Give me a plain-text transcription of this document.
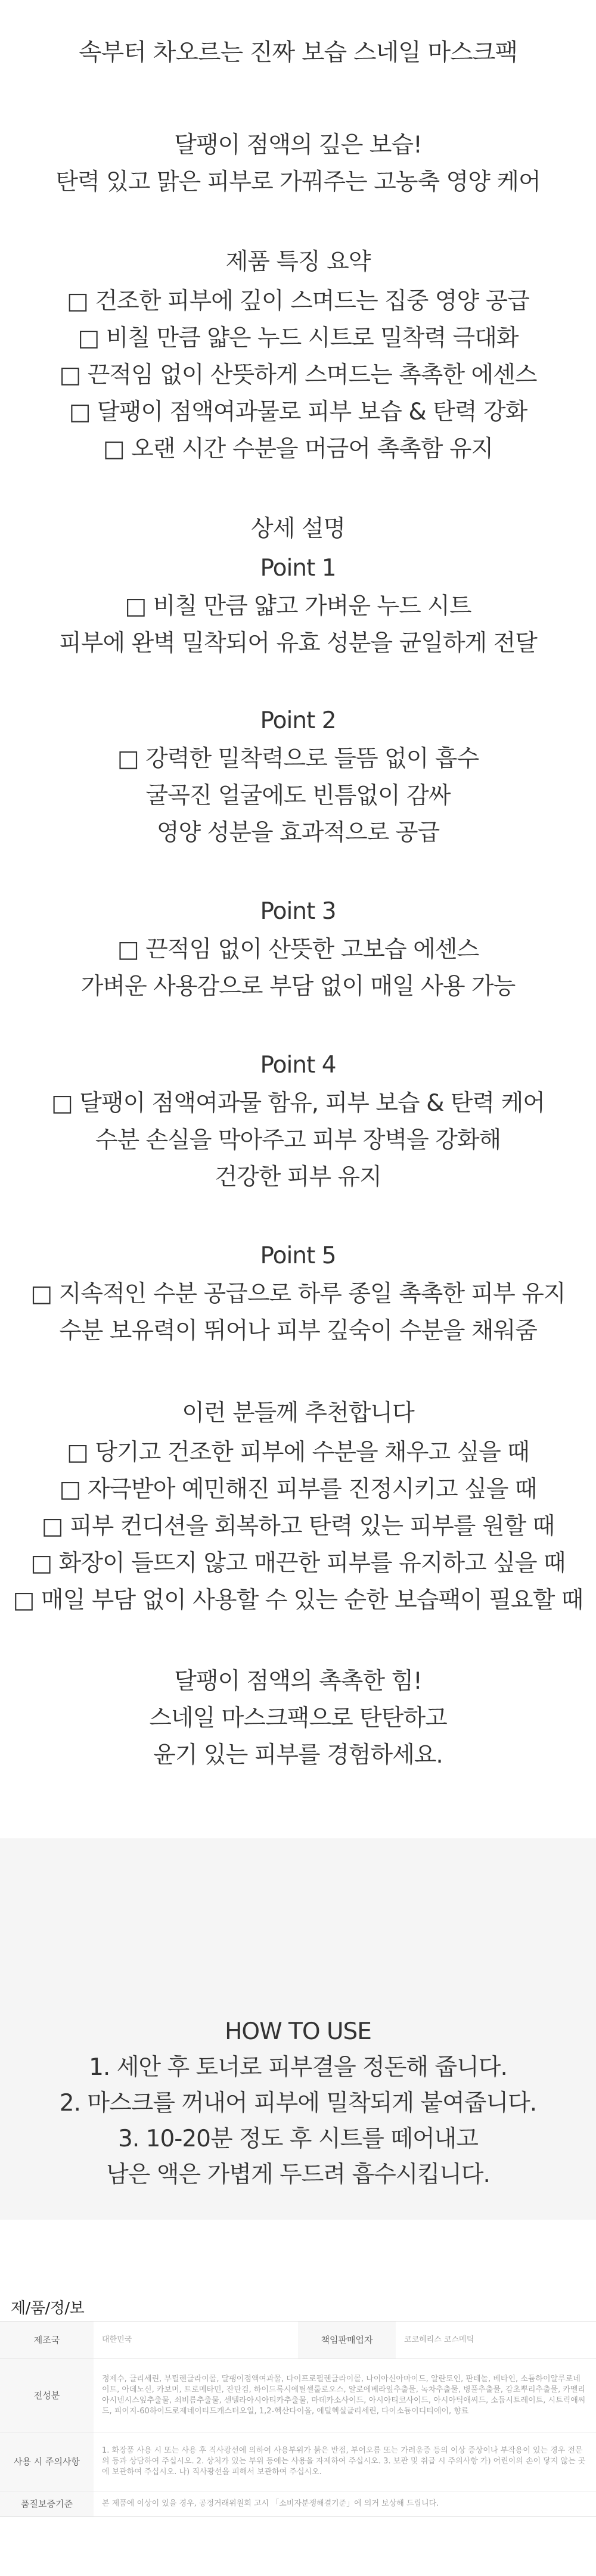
속부터 차오르는 진짜 보습 스네일 마스크팩
달팽이 점액의 깊은 보습!
탄력 있고 맑은 피부로 가꿔주는 고농축 영양 케어
제품 특징 요약
□ 건조한 피부에 깊이 스며드는 집중 영양 공급
□ 비칠 만큼 얇은 누드 시트로 밀착력 극대화
□ 끈적임 없이 산뜻하게 스며드는 촉촉한 에센스
□ 달팽이 점액여과물로 피부 보습 & 탄력 강화
□ 오랜 시간 수분을 머금어 촉촉함 유지
상세 설명
Point 1
□ 비칠 만큼 얇고 가벼운 누드 시트
피부에 완벽 밀착되어 유효 성분을 균일하게 전달
Point 2
□ 강력한 밀착력으로 들뜸 없이 흡수
굴곡진 얼굴에도 빈틈없이 감싸
영양 성분을 효과적으로 공급
Point 3
□ 끈적임 없이 산뜻한 고보습 에센스
가벼운 사용감으로 부담 없이 매일 사용 가능
Point 4
□ 달팽이 점액여과물 함유, 피부 보습 & 탄력 케어
수분 손실을 막아주고 피부 장벽을 강화해
건강한 피부 유지
Point 5
□ 지속적인 수분 공급으로 하루 종일 촉촉한 피부 유지
수분 보유력이 뛰어나 피부 깊숙이 수분을 채워줌
이런 분들께 추천합니다
□ 당기고 건조한 피부에 수분을 채우고 싶을 때
□ 자극받아 예민해진 피부를 진정시키고 싶을 때
□ 피부 컨디션을 회복하고 탄력 있는 피부를 원할 때
□ 화장이 들뜨지 않고 매끈한 피부를 유지하고 싶을 때
□ 매일 부담 없이 사용할 수 있는 순한 보습팩이 필요할 때
달팽이 점액의 촉촉한 힘!
스네일 마스크팩으로 탄탄하고
윤기 있는 피부를 경험하세요.
HOW TO USE
1. 세안 후 토너로 피부결을 정돈해 줍니다.
2. 마스크를 꺼내어 피부에 밀착되게 붙여줍니다.
3. 10-20분 정도 후 시트를 떼어내고
남은 액은 가볍게 두드려 흡수시킵니다.
제/품/정/보
제조국	대한민국	책임판매업자	코코헤리스 코스메틱
전성분	정제수, 글리세린, 부틸렌글라이콜, 달팽이점액여과물, 다이프로필렌글라이콜, 나이아신아마이드, 알란토인, 판테놀, 베타인, 소듐하이알루로네이트, 아데노신, 카보머, 트로메타민, 잔탄검, 하이드록시에틸셀룰로오스, 알로에베라잎추출물, 녹차추출물, 병풀추출물, 감초뿌리추출물, 카멜리아시넨시스잎추출물, 쇠비름추출물, 센텔라아시아티카추출물, 마데카소사이드, 아시아티코사이드, 아시아틱애씨드, 소듐시트레이트, 시트릭애씨드, 피이지-60하이드로제네이티드캐스터오일, 1,2-헥산다이올, 에틸헥실글리세린, 다이소듐이디티에이, 향료		
사용 시 주의사항	1. 화장품 사용 시 또는 사용 후 직사광선에 의하여 사용부위가 붉은 반점, 부어오름 또는 가려움증 등의 이상 증상이나 부작용이 있는 경우 전문의 등과 상담하여 주십시오. 2. 상처가 있는 부위 등에는 사용을 자제하여 주십시오. 3. 보관 및 취급 시 주의사항 가) 어린이의 손이 닿지 않는 곳에 보관하여 주십시오. 나) 직사광선을 피해서 보관하여 주십시오.		
품질보증기준	본 제품에 이상이 있을 경우, 공정거래위원회 고시 「소비자분쟁해결기준」에 의거 보상해 드립니다.		
